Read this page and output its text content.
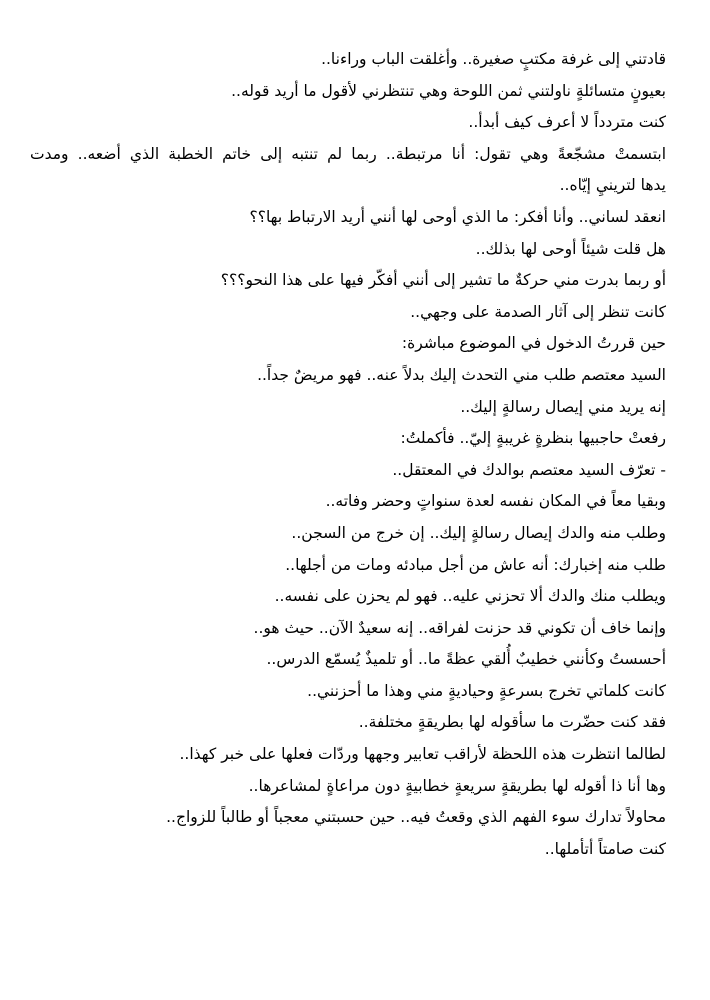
قادتني إلى غرفة مكتبٍ صغيرة.. وأغلقت الباب وراءنا..
بعيونٍ متسائلةٍ ناولتني ثمن اللوحة وهي تنتظرني لأقول ما أريد قوله..
كنت متردداً لا أعرف كيف أبدأ..
ابتسمتْ مشجّعةً وهي تقول: أنا مرتبطة.. ربما لم تنتبه إلى خاتم الخطبة الذي أضعه.. ومدت
يدها لترينيِ إيّاه..
انعقد لساني.. وأنا أفكر: ما الذي أوحى لها أنني أريد الارتباط بها؟؟
هل قلت شيئاً أوحى لها بذلك..
أو ربما بدرت مني حركةٌ ما تشير إلى أنني أفكّر فيها على هذا النحو؟؟؟
كانت تنظر إلى آثار الصدمة على وجهي..
حين قررتُ الدخول في الموضوع مباشرة:
السيد معتصم طلب مني التحدث إليك بدلاً عنه.. فهو مريضٌ جداً..
إنه يريد مني إيصال رسالةٍ إليك..
رفعتْ حاجبيها بنظرةٍ غريبةٍ إليّ.. فأكملتُ:
- تعرّف السيد معتصم بوالدك في المعتقل..
وبقيا معاً في المكان نفسه لعدة سنواتٍ وحضر وفاته..
وطلب منه والدك إيصال رسالةٍ إليك.. إن خرج من السجن..
طلب منه إخبارك: أنه عاش من أجل مبادئه ومات من أجلها..
ويطلب منك والدك ألا تحزني عليه.. فهو لم يحزن على نفسه..
وإنما خاف أن تكوني قد حزنت لفراقه.. إنه سعيدٌ الآن.. حيث هو..
أحسستُ وكأنني خطيبٌ أُلقي عظةً ما.. أو تلميذٌ يُسمّع الدرس..
كانت كلماتي تخرج بسرعةٍ وحياديةٍ مني وهذا ما أحزنني..
فقد كنت حضّرت ما سأقوله لها بطريقةٍ مختلفة..
لطالما انتظرت هذه اللحظة لأراقب تعابير وجهها وردّات فعلها على خبر كهذا..
وها أنا ذا أقوله لها بطريقةٍ سريعةٍ خطابيةٍ دون مراعاةٍ لمشاعرها..
محاولاً تدارك سوء الفهم الذي وقعتُ فيه.. حين حسبتني معجباً أو طالباً للزواج..
كنت صامتاً أتأملها..
